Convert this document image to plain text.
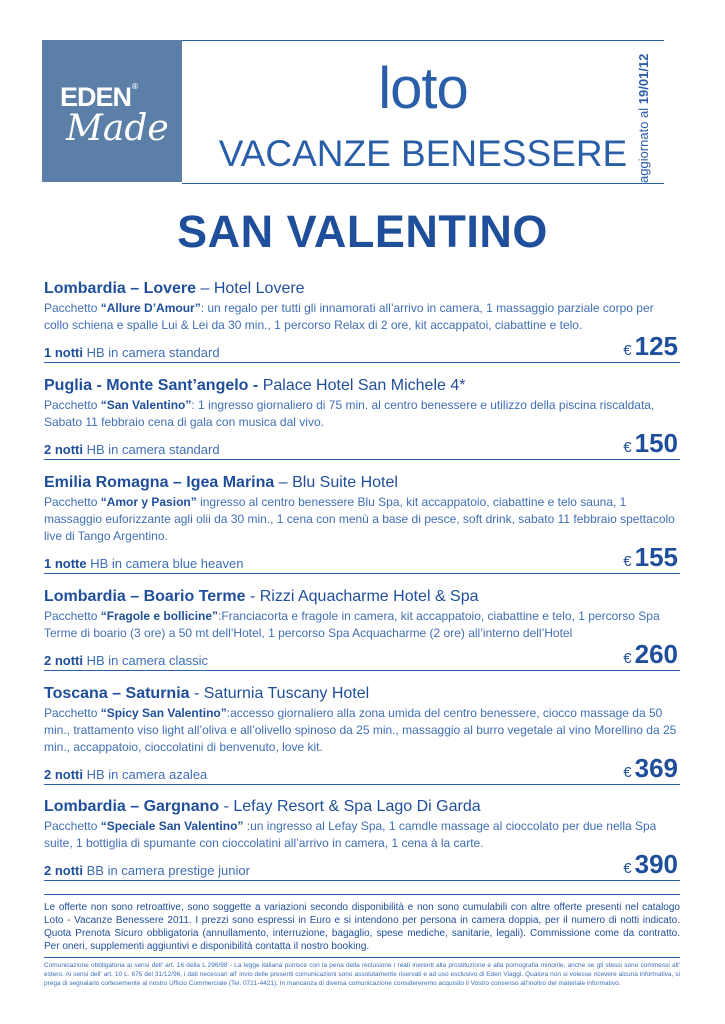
EDEN®
Made
loto
VACANZE BENESSERE aggiornato al 19/01/12
SAN VALENTINO
Lombardia – Lovere – Hotel Lovere
Pacchetto “Allure D’Amour”: un regalo per tutti gli innamorati all’arrivo in camera, 1 massaggio parziale corpo per collo schiena e spalle Lui & Lei da 30 min., 1 percorso Relax di 2 ore, kit accappatoi, ciabattine e telo.
1 notti HB in camera standard	€ 125
Puglia - Monte Sant’angelo - Palace Hotel San Michele 4*
Pacchetto “San Valentino”: 1 ingresso giornaliero di 75 min. al centro benessere e utilizzo della piscina riscaldata, Sabato 11 febbraio cena di gala con musica dal vivo.
2 notti HB in camera standard	€ 150
Emilia Romagna – Igea Marina – Blu Suite Hotel
Pacchetto “Amor y Pasion” ingresso al centro benessere Blu Spa, kit accappatoio, ciabattine e telo sauna, 1 massaggio euforizzante agli olii da 30 min., 1 cena con menù a base di pesce, soft drink, sabato 11 febbraio spettacolo live di Tango Argentino.
1 notte HB in camera blue heaven	€ 155
Lombardia – Boario Terme - Rizzi Aquacharme Hotel & Spa
Pacchetto “Fragole e bollicine”:Franciacorta e fragole in camera, kit accappatoio, ciabattine e telo, 1 percorso Spa Terme di boario (3 ore) a 50 mt dell’Hotel, 1 percorso Spa Acquacharme (2 ore) all’interno dell’Hotel
2 notti HB in camera classic	€ 260
Toscana – Saturnia - Saturnia Tuscany Hotel
Pacchetto “Spicy San Valentino”:accesso giornaliero alla zona umida del centro benessere, ciocco massage da 50 min., trattamento viso light all’oliva e all’olivello spinoso da 25 min., massaggio al burro vegetale al vino Morellino da 25 min., accappatoio, cioccolatini di benvenuto, love kit.
2 notti HB in camera azalea	€ 369
Lombardia – Gargnano - Lefay Resort & Spa Lago Di Garda
Pacchetto “Speciale San Valentino” :un ingresso al Lefay Spa, 1 camdle massage al cioccolato per due nella Spa suite, 1 bottiglia di spumante con cioccolatini all’arrivo in camera, 1 cena à la carte.
2 notti BB in camera prestige junior	€ 390
Le offerte non sono retroattive, sono soggette a variazioni secondo disponibilità e non sono cumulabili con altre offerte presenti nel catalogo Loto - Vacanze Benessere 2011. I prezzi sono espressi in Euro e si intendono per persona in camera doppia, per il numero di notti indicato. Quota Prenota Sicuro obbligatoria (annullamento, interruzione, bagaglio, spese mediche, sanitarie, legali). Commissione come da contratto. Per oneri, supplementi aggiuntivi e disponibilità contatta il nostro booking.
Comunicazione obbligatoria ai sensi dell’ art. 16 della L.296/98 - La legge italiana punisce con la pena della reclusione i reati inerenti alla prostituzione e alla pornografia minorile, anche se gli stessi sono commessi all’ estero. Ai sensi dell’ art. 10 L. 675 del 31/12/96, i dati necessari all’ invio delle presenti comunicazioni sono assolutamente riservati e ad uso esclusivo di Eden Viaggi. Qualora non si volesse ricevere alcuna informativa, si prega di segnalarlo cortesemente al nostro Ufficio Commerciale (Tel. 0721-4421). In mancanza di diversa comunicazione considereremo acquisito il Vostro consenso all’inoltro del materiale informativo.
